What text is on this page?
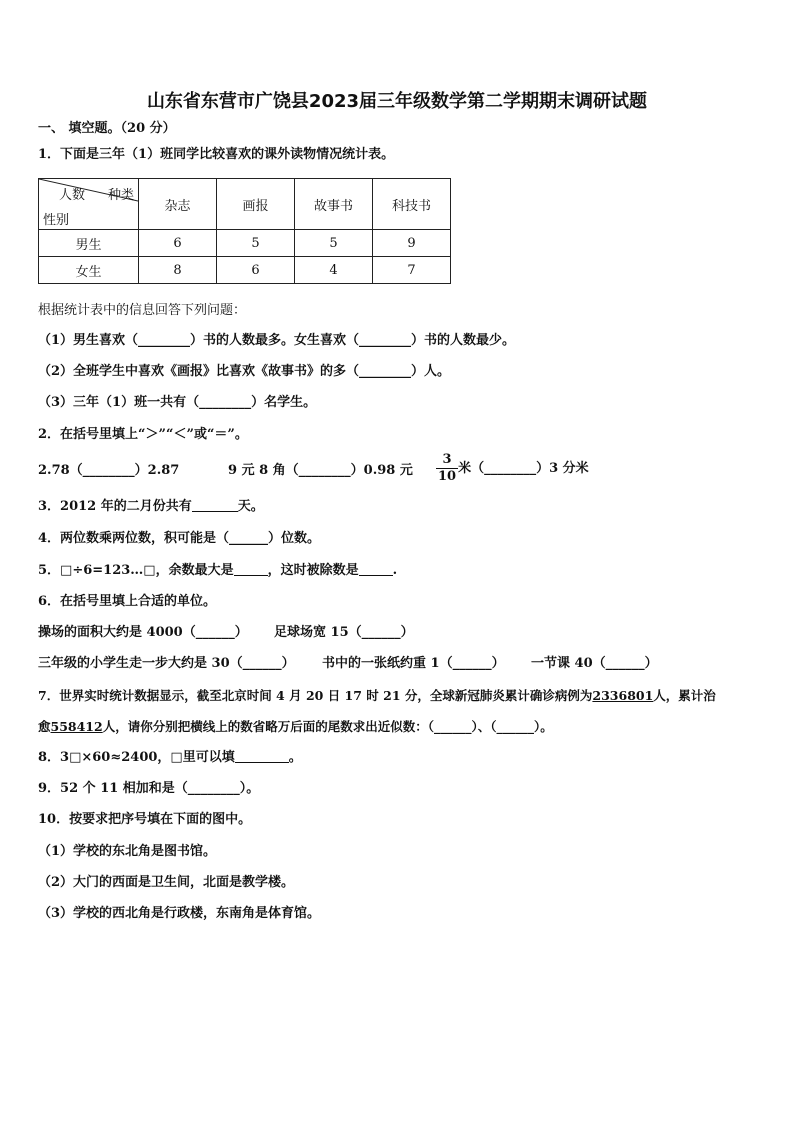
山东省东营市广饶县2023届三年级数学第二学期期末调研试题
一、 填空题。（20 分）
1．下面是三年（1）班同学比较喜欢的课外读物情况统计表。
人数 种类
性别	杂志	画报	故事书	科技书
男生	6	5	5	9
女生	8	6	4	7
根据统计表中的信息回答下列问题：
（1）男生喜欢（________）书的人数最多。女生喜欢（________）书的人数最少。
（2）全班学生中喜欢《画报》比喜欢《故事书》的多（________）人。
（3）三年（1）班一共有（________）名学生。
2．在括号里填上“＞”“＜”或“＝”。
2.78（________）2.87	9 元 8 角（________）0.98 元 $\frac{3}{10}$ 米（________）3 分米
3．2012 年的二月份共有	天。
4．两位数乘两位数，积可能是（______）位数。
5．□÷6=123…□，余数最大是	，这时被除数是	.
6．在括号里填上合适的单位。
操场的面积大约是 4000（______） 足球场宽 15（______）
三年级的小学生走一步大约是 30（______） 书中的一张纸约重 1（______） 一节课 40（______）
7．世界实时统计数据显示，截至北京时间 4 月 20 日 17 时 21 分，全球新冠肺炎累计确诊病例为2336801人，累计治
愈558412人，请你分别把横线上的数省略万后面的尾数求出近似数：（______）、（______）。
8．3□×60≈2400，□里可以填	。
9．52 个 11 相加和是（________）。
10．按要求把序号填在下面的图中。
（1）学校的东北角是图书馆。
（2）大门的西面是卫生间，北面是教学楼。
（3）学校的西北角是行政楼，东南角是体育馆。
